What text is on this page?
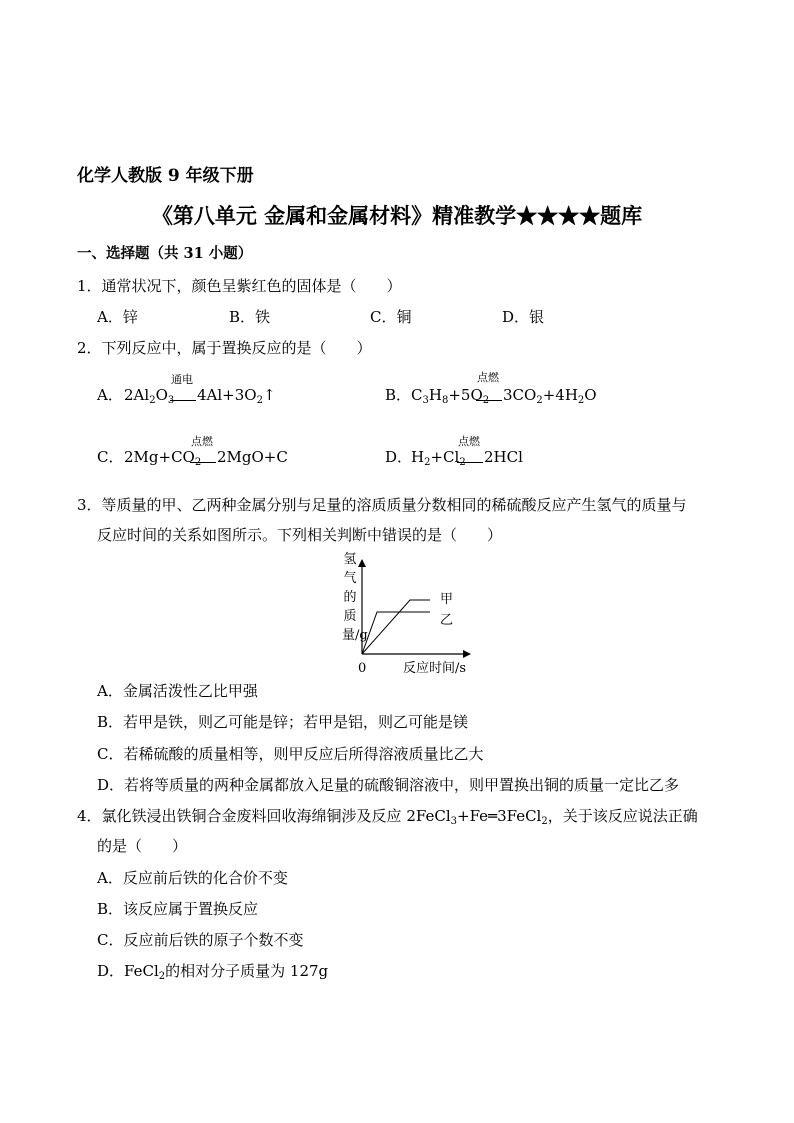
化学人教版 9 年级下册
《第八单元 金属和金属材料》精准教学★★★★题库
一、选择题（共 31 小题）
1．通常状况下，颜色呈紫红色的固体是（　　）
A．锌	B．铁	C．铜	D．银
2．下列反应中，属于置换反应的是（　　）
A． $2Al_2O_3$
通电
$4Al+3O_2↑$	B． $C_3H_8+5O_2$
点燃
$3CO_2+4H_2O$
C． $2Mg+CO_2$
点燃
2MgO+C	D．
$H_2+Cl_2$
点燃
2HCl
3．等质量的甲、乙两种金属分别与足量的溶质质量分数相同的稀硫酸反应产生氢气的质量与
反应时间的关系如图所示。下列相关判断中错误的是（　　）
氢气的质量/g
0	反应时间/s
甲
乙
A．金属活泼性乙比甲强
B．若甲是铁，则乙可能是锌；若甲是铝，则乙可能是镁
C．若稀硫酸的质量相等，则甲反应后所得溶液质量比乙大
D．若将等质量的两种金属都放入足量的硫酸铜溶液中，则甲置换出铜的质量一定比乙多
4．氯化铁浸出铁铜合金废料回收海绵铜涉及反应 2FeCl$_3$+Fe═3FeCl$_2$，关于该反应说法正确
的是（　　）
A．反应前后铁的化合价不变
B．该反应属于置换反应
C．反应前后铁的原子个数不变
D．FeCl$_2$的相对分子质量为 127g
